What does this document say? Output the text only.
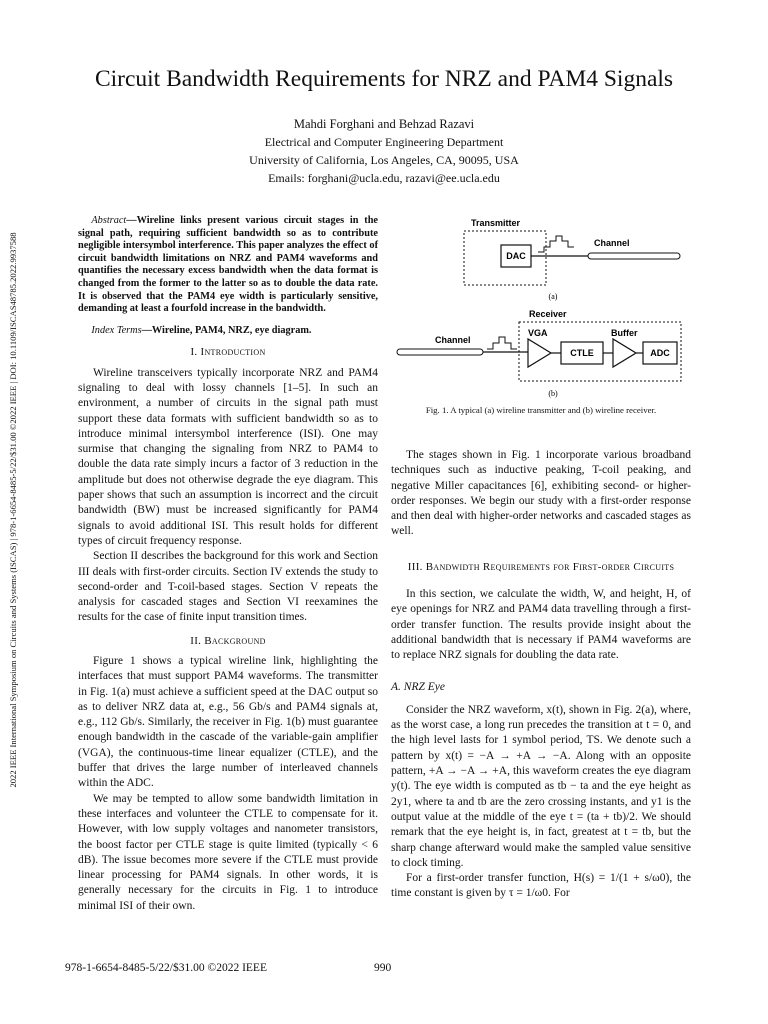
Circuit Bandwidth Requirements for NRZ and PAM4 Signals
Mahdi Forghani and Behzad Razavi
Electrical and Computer Engineering Department
University of California, Los Angeles, CA, 90095, USA
Emails: forghani@ucla.edu, razavi@ee.ucla.edu
2022 IEEE International Symposium on Circuits and Systems (ISCAS) | 978-1-6654-8485-5/22/$31.00 ©2022 IEEE | DOI: 10.1109/ISCAS48785.2022.9937588
Abstract—Wireline links present various circuit stages in the signal path, requiring sufficient bandwidth so as to contribute negligible intersymbol interference. This paper analyzes the effect of circuit bandwidth limitations on NRZ and PAM4 waveforms and quantifies the necessary excess bandwidth when the data format is changed from the former to the latter so as to double the data rate. It is observed that the PAM4 eye width is particularly sensitive, demanding at least a fourfold increase in the bandwidth.
Index Terms—Wireline, PAM4, NRZ, eye diagram.
I. Introduction

Wireline transceivers typically incorporate NRZ and PAM4 signaling to deal with lossy channels [1–5]. In such an environment, a number of circuits in the signal path must support these data formats with sufficient bandwidth so as to introduce minimal intersymbol interference (ISI). One may surmise that changing the signaling from NRZ to PAM4 to double the data rate simply incurs a factor of 3 reduction in the amplitude but does not otherwise degrade the eye diagram. This paper shows that such an assumption is incorrect and the circuit bandwidth (BW) must be increased significantly for PAM4 signals to avoid additional ISI. This result holds for different types of circuit frequency response.

Section II describes the background for this work and Section III deals with first-order circuits. Section IV extends the study to second-order and T-coil-based stages. Section V repeats the analysis for cascaded stages and Section VI reexamines the results for the case of finite input transition times.

II. Background

Figure 1 shows a typical wireline link, highlighting the interfaces that must support PAM4 waveforms. The transmitter in Fig. 1(a) must achieve a sufficient speed at the DAC output so as to deliver NRZ data at, e.g., 56 Gb/s and PAM4 signals at, e.g., 112 Gb/s. Similarly, the receiver in Fig. 1(b) must guarantee enough bandwidth in the cascade of the variable-gain amplifier (VGA), the continuous-time linear equalizer (CTLE), and the buffer that drives the large number of interleaved channels within the ADC.

We may be tempted to allow some bandwidth limitation in these interfaces and volunteer the CTLE to compensate for it. However, with low supply voltages and nanometer transistors, the boost factor per CTLE stage is quite limited (typically < 6 dB). The issue becomes more severe if the CTLE must provide linear processing for PAM4 signals. In other words, it is generally necessary for the circuits in Fig. 1 to introduce minimal ISI of their own.

Transmitter
DAC
Channel
(a)
Receiver
Channel
VGA
CTLE
Buffer
ADC
(b)
Fig. 1. A typical (a) wireline transmitter and (b) wireline receiver.

The stages shown in Fig. 1 incorporate various broadband techniques such as inductive peaking, T-coil peaking, and negative Miller capacitances [6], exhibiting second- or higher-order responses. We begin our study with a first-order response and then deal with higher-order networks and cascaded stages as well.

III. Bandwidth Requirements for First-order Circuits

In this section, we calculate the width, W, and height, H, of eye openings for NRZ and PAM4 data travelling through a first-order transfer function. The results provide insight about the additional bandwidth that is necessary if PAM4 waveforms are to replace NRZ signals for doubling the data rate.

A. NRZ Eye

Consider the NRZ waveform, x(t), shown in Fig. 2(a), where, as the worst case, a long run precedes the transition at t = 0, and the high level lasts for 1 symbol period, TS. We denote such a pattern by x(t) = −A → +A → −A. Along with an opposite pattern, +A → −A → +A, this waveform creates the eye diagram y(t). The eye width is computed as tb − ta and the eye height as 2y1, where ta and tb are the zero crossing instants, and y1 is the output value at the middle of the eye t = (ta + tb)/2. We should remark that the eye height is, in fact, greatest at t = tb, but the sharp change afterward would make the sampled value sensitive to clock timing.

For a first-order transfer function, H(s) = 1/(1 + s/ω0), the time constant is given by τ = 1/ω0. For

978-1-6654-8485-5/22/$31.00 ©2022 IEEE	990
